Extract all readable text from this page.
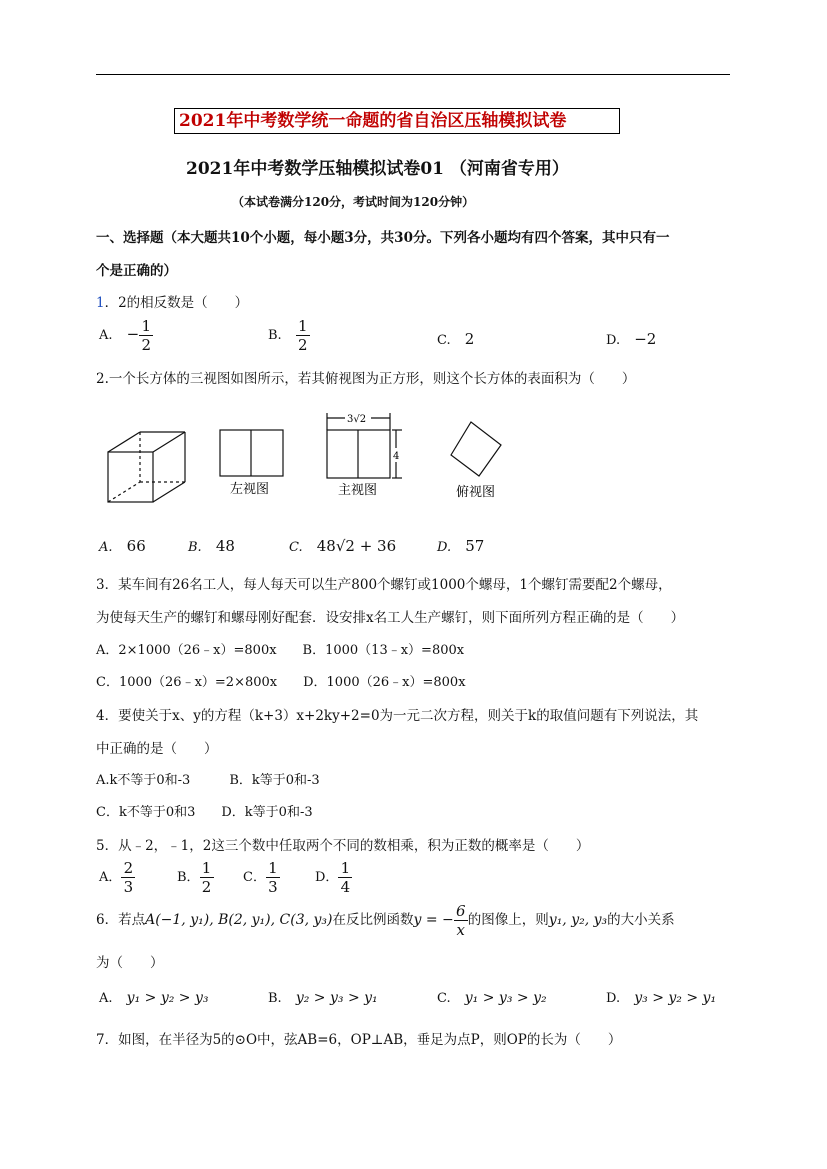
2021年中考数学统一命题的省自治区压轴模拟试卷
2021年中考数学压轴模拟试卷01 （河南省专用）
（本试卷满分120分，考试时间为120分钟）
一、选择题（本大题共10个小题，每小题3分，共30分。下列各小题均有四个答案，其中只有一
个是正确的）
1．2的相反数是（　　）
A. − $\frac{1}{2}$	B. $\frac{1}{2}$	C. 2	D. −2
2.一个长方体的三视图如图所示，若其俯视图为正方形，则这个长方体的表面积为（　　）
左视图
3√2
4
主视图	俯视图
A. 66	B. 48	C. 48√2 + 36	D. 57
3．某车间有26名工人，每人每天可以生产800个螺钉或1000个螺母，1个螺钉需要配2个螺母，
为使每天生产的螺钉和螺母刚好配套．设安排x名工人生产螺钉，则下面所列方程正确的是（　　）
A．2×1000（26﹣x）=800x　　B．1000（13﹣x）=800x
C．1000（26﹣x）=2×800x　　D．1000（26﹣x）=800x
4．要使关于x、y的方程（k+3）x+2ky+2=0为一元二次方程，则关于k的取值问题有下列说法，其
中正确的是（　　）
A.k不等于0和-3　　　B．k等于0和-3
C．k不等于0和3　　D．k等于0和-3
5．从﹣2，﹣1，2这三个数中任取两个不同的数相乘，积为正数的概率是（　　）
A． $\frac{2}{3}$	B． $\frac{1}{2}$ C． $\frac{1}{3}$	D． $\frac{1}{4}$
6．若点A(−1, y₁), B(2, y₁), C(3, y₃)在反比例函数y = − $\frac{6}{x}$ 的图像上，则y₁, y₂, y₃的大小关系
为（　　）
A. y₁ > y₂ > y₃	B. y₂ > y₃ > y₁	C. y₁ > y₃ > y₂	D. y₃ > y₂ > y₁
7．如图，在半径为5的⊙O中，弦AB=6，OP⊥AB，垂足为点P，则OP的长为（　　）
